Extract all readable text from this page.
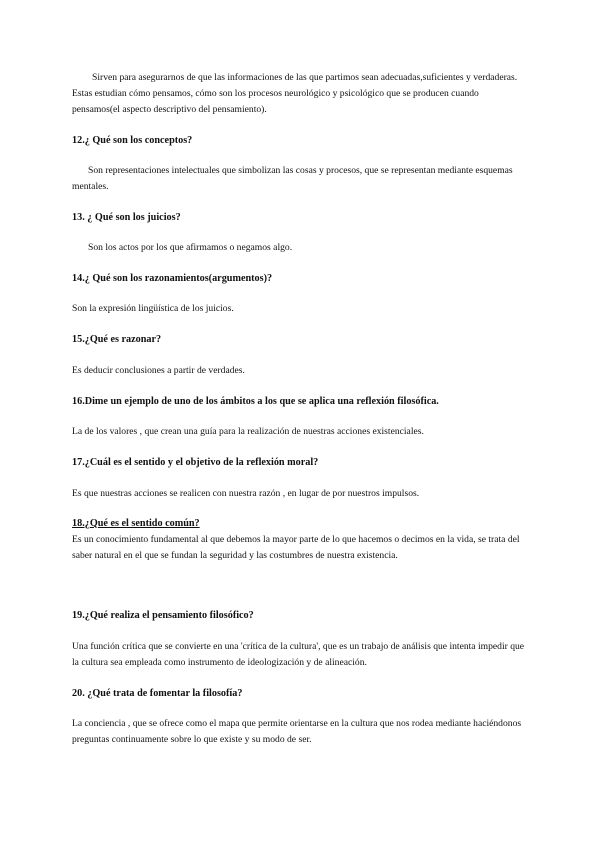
Sirven para asegurarnos de que las informaciones de las que partimos sean adecuadas,suficientes y verdaderas. Estas estudian cómo pensamos, cómo son los procesos neurológico y psicológico que se producen cuando pensamos(el aspecto descriptivo del pensamiento).

12.¿ Qué son los conceptos?

Son representaciones intelectuales que simbolizan las cosas y procesos, que se representan mediante esquemas mentales.

13. ¿ Qué son los juicios?

Son los actos por los que afirmamos o negamos algo.

14.¿ Qué son los razonamientos(argumentos)?

Son la expresión lingüística de los juicios.

15.¿Qué es razonar?

Es deducir conclusiones a partir de verdades.

16.Dime un ejemplo de uno de los ámbitos a los que se aplica una reflexión filosófica.

La de los valores , que crean una guía para la realización de nuestras acciones existenciales.

17.¿Cuál es el sentido y el objetivo de la reflexión moral?

Es que nuestras acciones se realicen con nuestra razón , en lugar de por nuestros impulsos.

18.¿Qué es el sentido común?

Es un conocimiento fundamental al que debemos la mayor parte de lo que hacemos o decimos en la vida, se trata del saber natural en el que se fundan la seguridad y las costumbres de nuestra existencia.

19.¿Qué realiza el pensamiento filosófico?

Una función crítica que se convierte en una 'crítica de la cultura', que es un trabajo de análisis que intenta impedir que la cultura sea empleada como instrumento de ideologización y de alineación.

20. ¿Qué trata de fomentar la filosofía?

La conciencia , que se ofrece como el mapa que permite orientarse en la cultura que nos rodea mediante haciéndonos preguntas continuamente sobre lo que existe y su modo de ser.
